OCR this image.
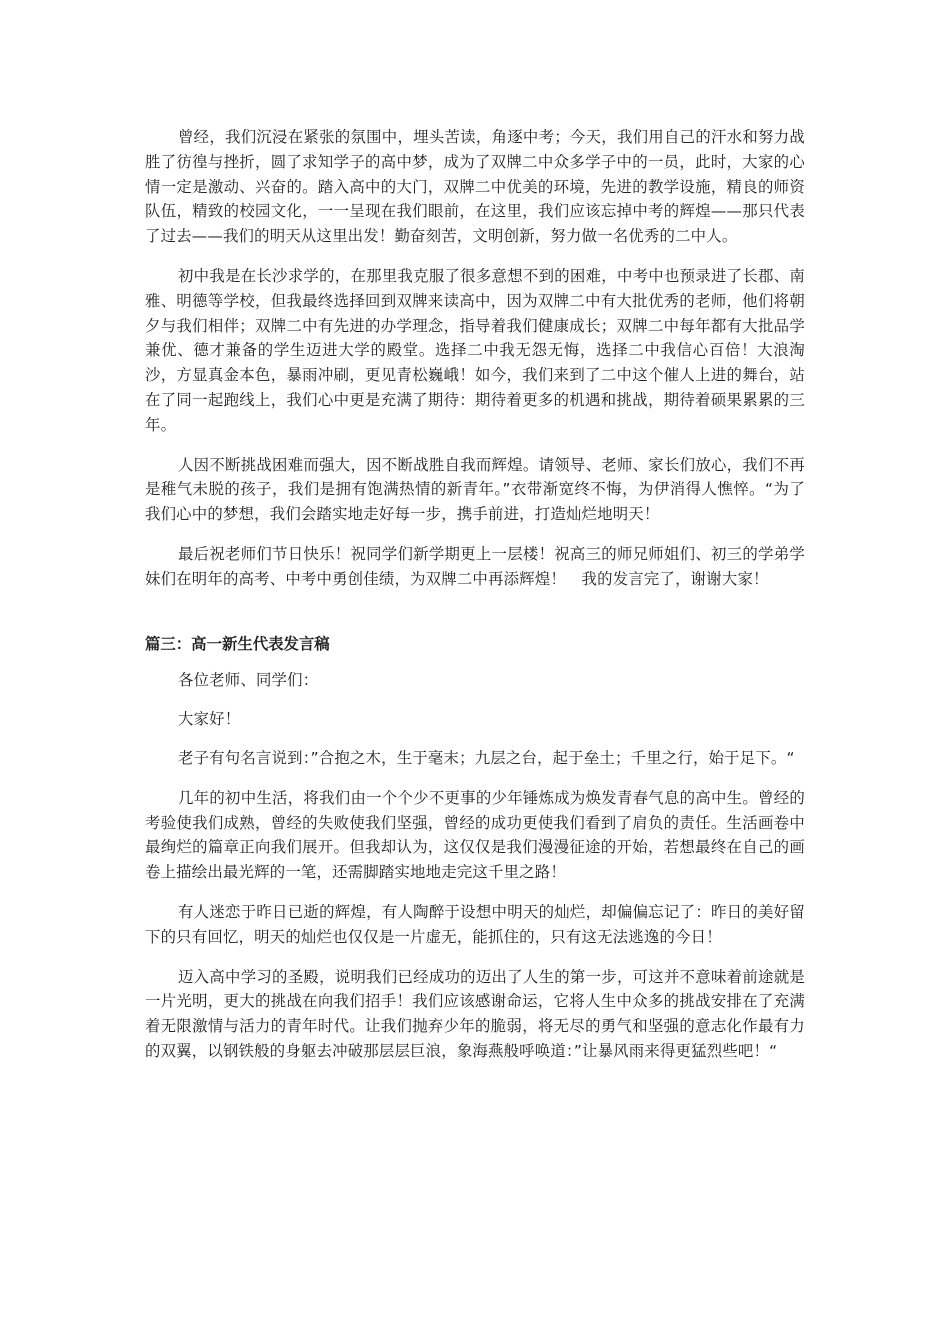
曾经，我们沉浸在紧张的氛围中，埋头苦读，角逐中考；今天，我们用自己的汗水和努力战胜了彷徨与挫折，圆了求知学子的高中梦，成为了双牌二中众多学子中的一员，此时，大家的心情一定是激动、兴奋的。踏入高中的大门，双牌二中优美的环境，先进的教学设施，精良的师资队伍，精致的校园文化，一一呈现在我们眼前，在这里，我们应该忘掉中考的辉煌——那只代表了过去——我们的明天从这里出发！勤奋刻苦，文明创新，努力做一名优秀的二中人。

初中我是在长沙求学的，在那里我克服了很多意想不到的困难，中考中也预录进了长郡、南雅、明德等学校，但我最终选择回到双牌来读高中，因为双牌二中有大批优秀的老师，他们将朝夕与我们相伴；双牌二中有先进的办学理念，指导着我们健康成长；双牌二中每年都有大批品学兼优、德才兼备的学生迈进大学的殿堂。选择二中我无怨无悔，选择二中我信心百倍！大浪淘沙，方显真金本色，暴雨冲刷，更见青松巍峨！如今，我们来到了二中这个催人上进的舞台，站在了同一起跑线上，我们心中更是充满了期待：期待着更多的机遇和挑战，期待着硕果累累的三年。

人因不断挑战困难而强大，因不断战胜自我而辉煌。请领导、老师、家长们放心，我们不再是稚气未脱的孩子，我们是拥有饱满热情的新青年。”衣带渐宽终不悔，为伊消得人憔悴。“为了我们心中的梦想，我们会踏实地走好每一步，携手前进，打造灿烂地明天！

最后祝老师们节日快乐！祝同学们新学期更上一层楼！祝高三的师兄师姐们、初三的学弟学妹们在明年的高考、中考中勇创佳绩，为双牌二中再添辉煌！　我的发言完了，谢谢大家！

篇三：高一新生代表发言稿

各位老师、同学们：

大家好！

老子有句名言说到：”合抱之木，生于毫末；九层之台，起于垒土；千里之行，始于足下。“

几年的初中生活，将我们由一个个少不更事的少年锤炼成为焕发青春气息的高中生。曾经的考验使我们成熟，曾经的失败使我们坚强，曾经的成功更使我们看到了肩负的责任。生活画卷中最绚烂的篇章正向我们展开。但我却认为，这仅仅是我们漫漫征途的开始，若想最终在自己的画卷上描绘出最光辉的一笔，还需脚踏实地地走完这千里之路！

有人迷恋于昨日已逝的辉煌，有人陶醉于设想中明天的灿烂，却偏偏忘记了：昨日的美好留下的只有回忆，明天的灿烂也仅仅是一片虚无，能抓住的，只有这无法逃逸的今日！

迈入高中学习的圣殿，说明我们已经成功的迈出了人生的第一步，可这并不意味着前途就是一片光明，更大的挑战在向我们招手！我们应该感谢命运，它将人生中众多的挑战安排在了充满着无限激情与活力的青年时代。让我们抛弃少年的脆弱，将无尽的勇气和坚强的意志化作最有力的双翼，以钢铁般的身躯去冲破那层层巨浪，象海燕般呼唤道：”让暴风雨来得更猛烈些吧！“
